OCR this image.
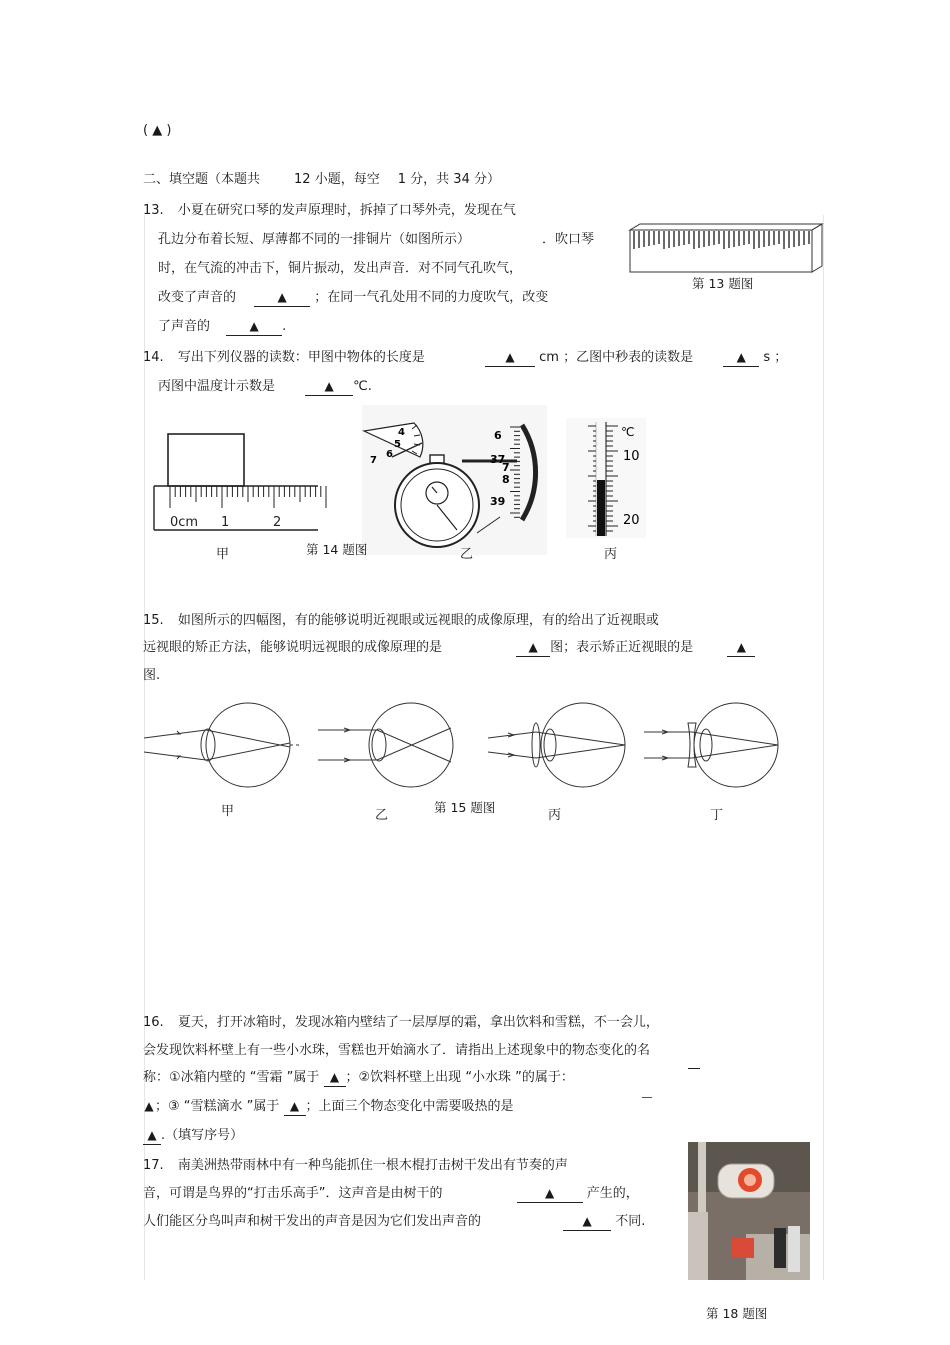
( ▲ )
二、填空题（本题共	12 小题，每空 1 分，共 34 分）
13. 小夏在研究口琴的发声原理时，拆掉了口琴外壳，发现在气
孔边分布着长短、厚薄都不同的一排铜片（如图所示）	．吹口琴
时，在气流的冲击下，铜片振动，发出声音．对不同气孔吹气，
改变了声音的	▲ ；在同一气孔处用不同的力度吹气，改变
了声音的	▲ .
第 13 题图
14. 写出下列仪器的读数：甲图中物体的长度是	▲ cm ；乙图中秒表的读数是	▲ s ；
丙图中温度计示数是	▲ ℃.
0cm 1	2
4
5
6
7
6
37
7
8
39
℃
10
20
甲	第 14 题图	乙	丙
15. 如图所示的四幅图，有的能够说明近视眼或远视眼的成像原理，有的给出了近视眼或
远视眼的矫正方法，能够说明远视眼的成像原理的是	▲ 图；表示矫正近视眼的是	▲
图.
甲	乙
第 15 题图
丙	丁
16. 夏天，打开冰箱时，发现冰箱内壁结了一层厚厚的霜，拿出饮料和雪糕，不一会儿，
会发现饮料杯壁上有一些小水珠，雪糕也开始滴水了．请指出上述现象中的物态变化的名
称：①冰箱内壁的 “雪霜 ”属于 ▲ ；②饮料杯壁上出现 “小水珠 ”的属于：
▲；③ “雪糕滴水 ”属于 ▲ ；上面三个物态变化中需要吸热的是
▲ .（填写序号）
17. 南美洲热带雨林中有一种鸟能抓住一根木棍打击树干发出有节奏的声
音，可谓是鸟界的“打击乐高手”．这声音是由树干的	▲	产生的，
人们能区分鸟叫声和树干发出的声音是因为它们发出声音的	▲ 不同.
第 18 题图
